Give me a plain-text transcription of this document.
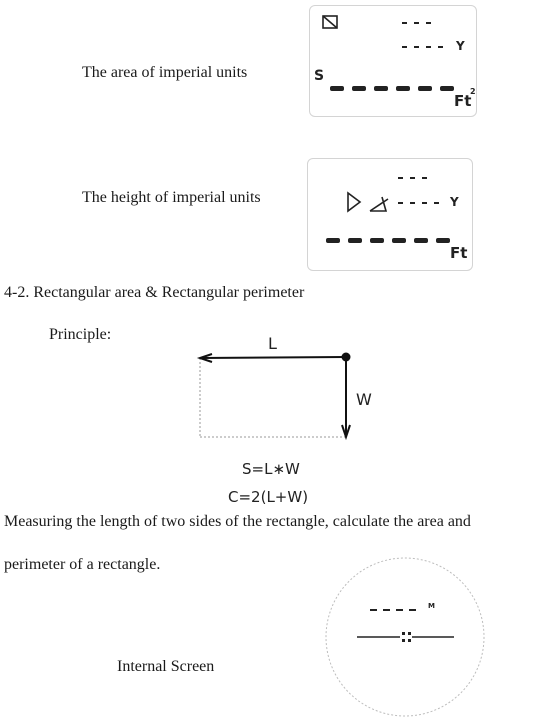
The area of imperial units	S
Y
Ft
2
The height of imperial units	Y
Ft
4-2. Rectangular area & Rectangular perimeter
Principle:	L
W
S=L∗W
C=2(L+W)
Measuring the length of two sides of the rectangle, calculate the area and
perimeter of a rectangle.
Internal Screen
M
